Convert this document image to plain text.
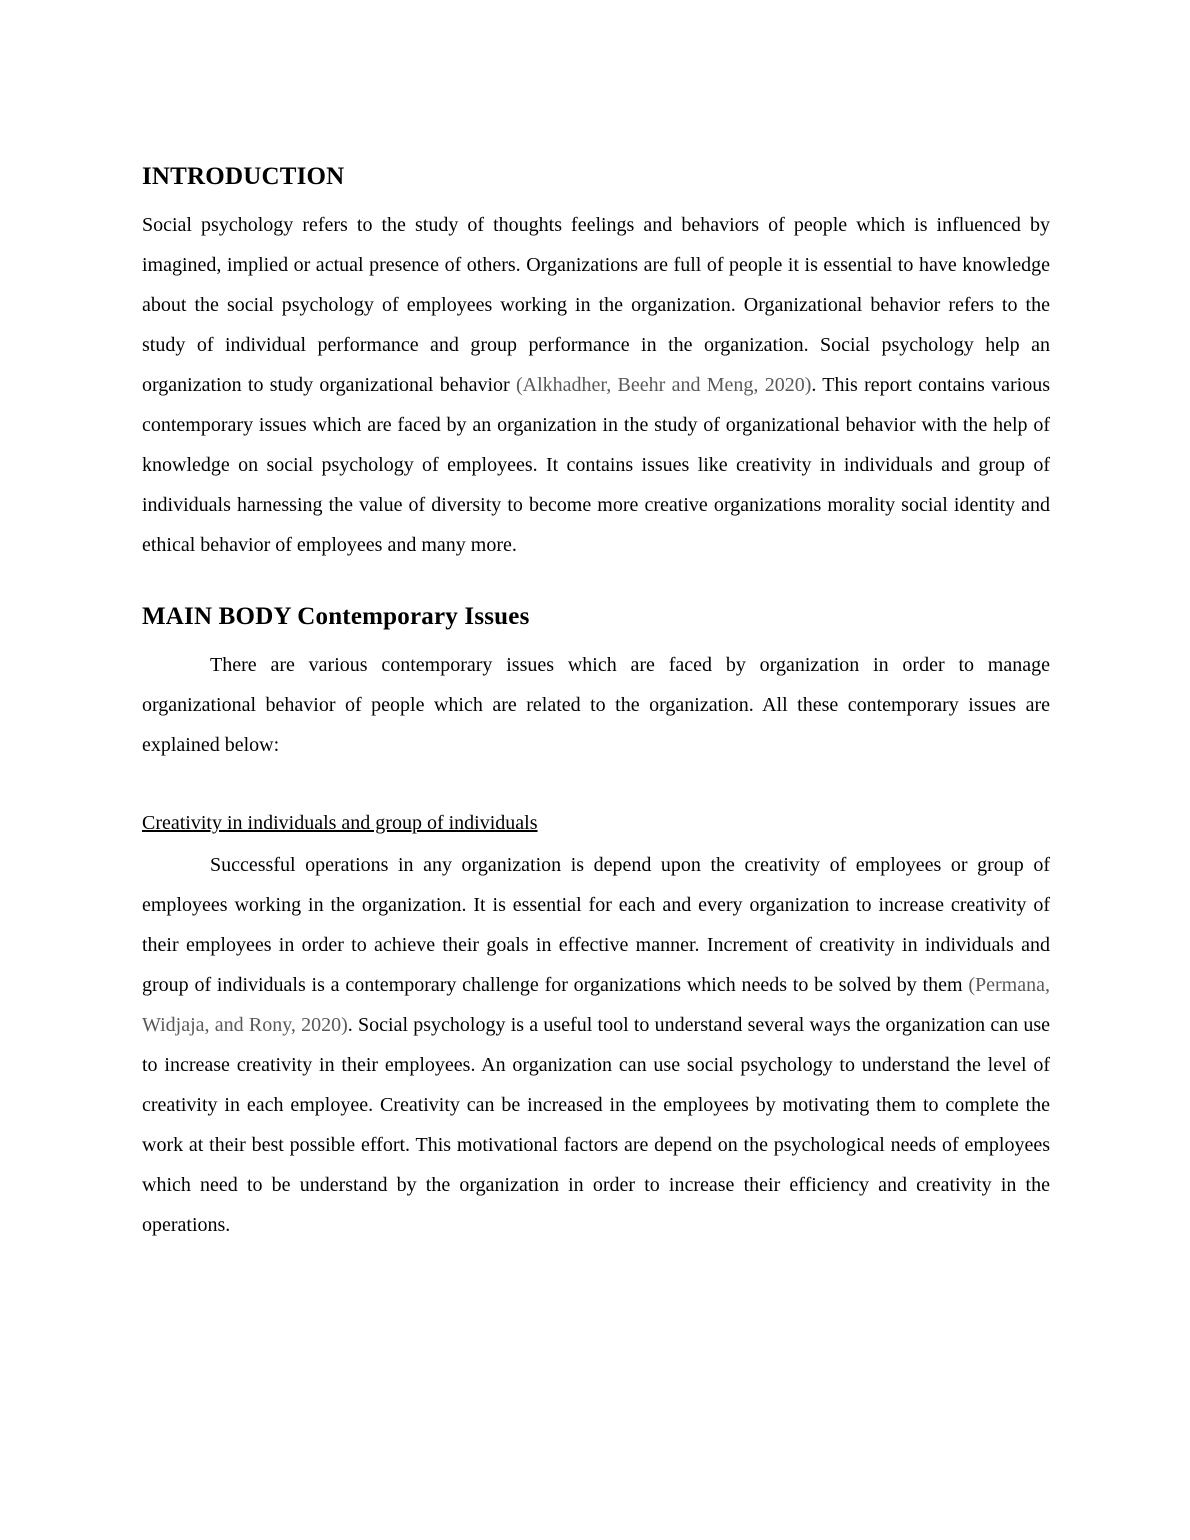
INTRODUCTION

Social psychology refers to the study of thoughts feelings and behaviors of people which is influenced by imagined, implied or actual presence of others. Organizations are full of people it is essential to have knowledge about the social psychology of employees working in the organization. Organizational behavior refers to the study of individual performance and group performance in the organization. Social psychology help an organization to study organizational behavior (Alkhadher, Beehr and Meng, 2020). This report contains various contemporary issues which are faced by an organization in the study of organizational behavior with the help of knowledge on social psychology of employees. It contains issues like creativity in individuals and group of individuals harnessing the value of diversity to become more creative organizations morality social identity and ethical behavior of employees and many more.

MAIN BODY Contemporary Issues

There are various contemporary issues which are faced by organization in order to manage organizational behavior of people which are related to the organization. All these contemporary issues are explained below:

Creativity in individuals and group of individuals

Successful operations in any organization is depend upon the creativity of employees or group of employees working in the organization. It is essential for each and every organization to increase creativity of their employees in order to achieve their goals in effective manner. Increment of creativity in individuals and group of individuals is a contemporary challenge for organizations which needs to be solved by them (Permana, Widjaja, and Rony, 2020). Social psychology is a useful tool to understand several ways the organization can use to increase creativity in their employees. An organization can use social psychology to understand the level of creativity in each employee. Creativity can be increased in the employees by motivating them to complete the work at their best possible effort. This motivational factors are depend on the psychological needs of employees which need to be understand by the organization in order to increase their efficiency and creativity in the operations.
